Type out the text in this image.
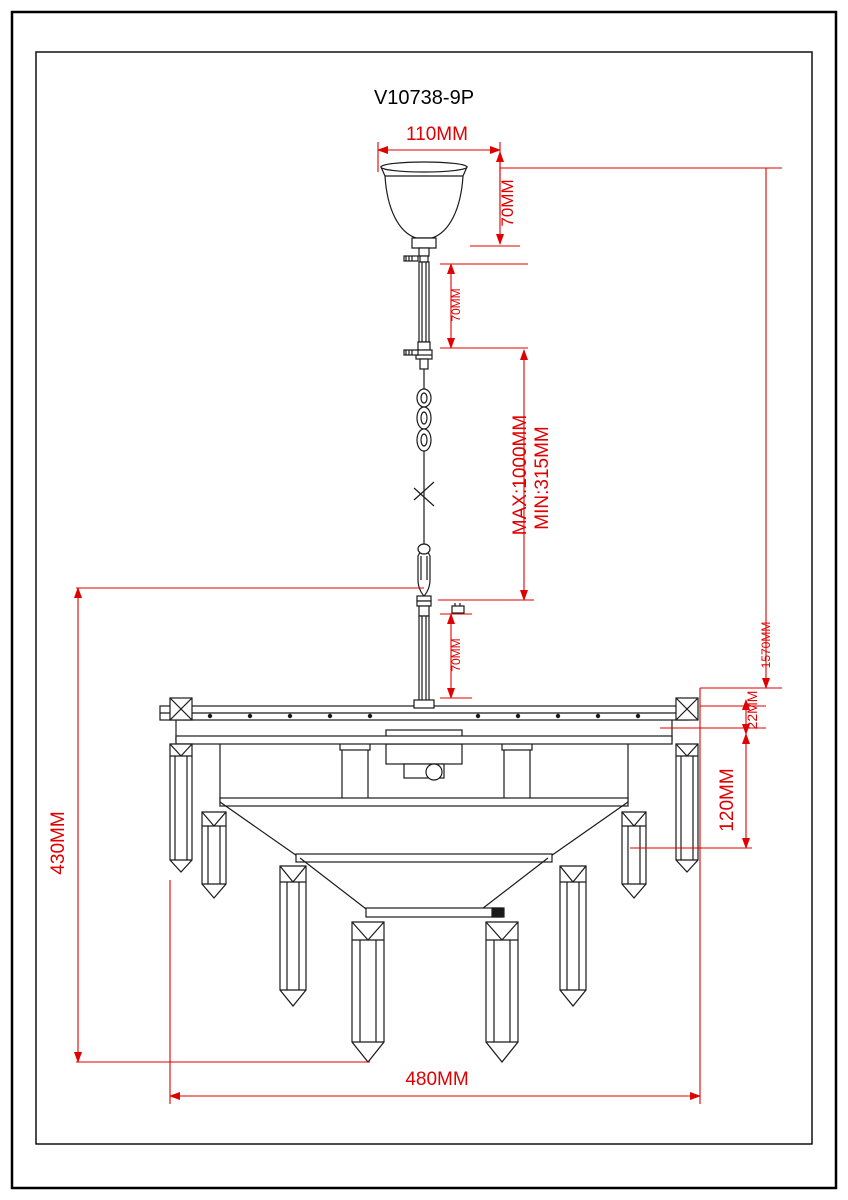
V10738-9P
110MM
70MM
70MM
MAX:1000MM MIN:315MM
70MM	1570MM
22MM
120MM
430MM
480MM
